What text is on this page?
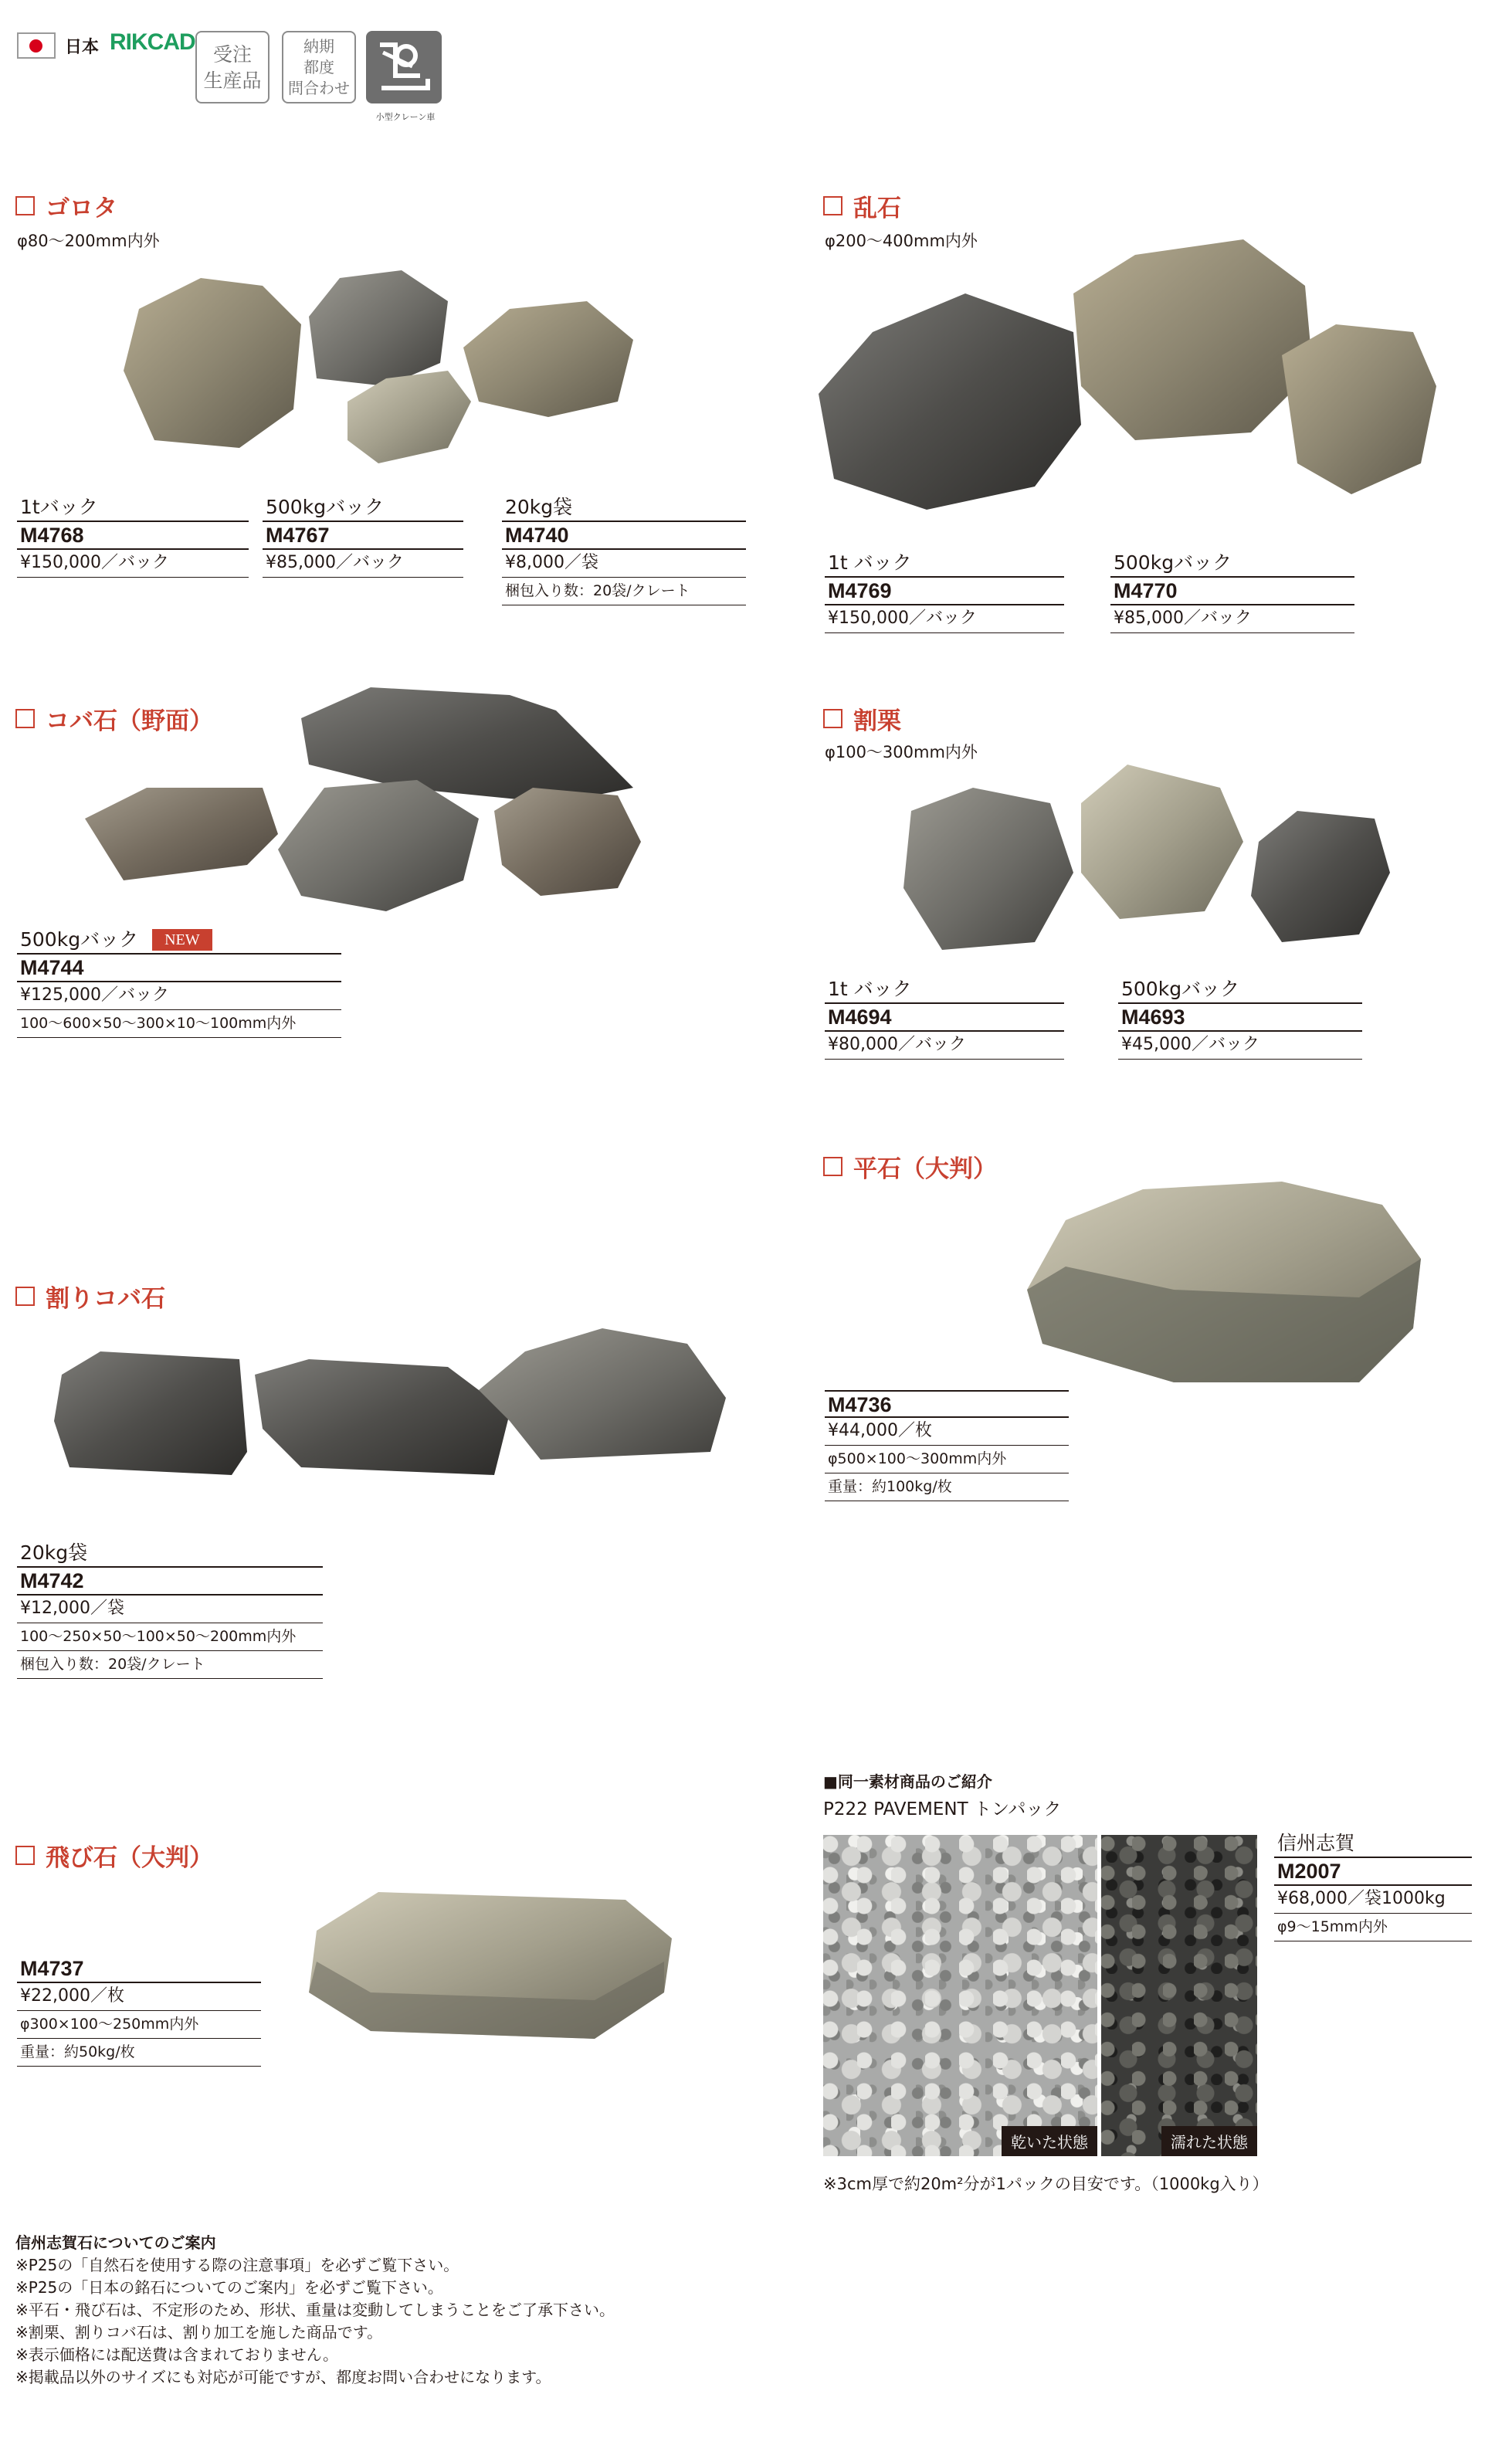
日本 RIKCAD 受注
生産品
納期
都度
問合わせ
小型クレーン車
ゴロタ
φ80～200mm内外
1tバック
M4768
¥150,000／バック
500kgバック
M4767
¥85,000／バック
20kg袋
M4740
¥8,000／袋
梱包入り数：20袋/クレート
乱石
φ200～400mm内外
1t バック
M4769
¥150,000／バック
500kgバック
M4770
¥85,000／バック
コバ石（野面）
500kgバック	NEW
M4744
¥125,000／バック
100～600×50～300×10～100mm内外
割栗
φ100～300mm内外
1t バック
M4694
¥80,000／バック
500kgバック
M4693
¥45,000／バック
平石（大判）
M4736
¥44,000／枚
φ500×100～300mm内外
重量：約100kg/枚
割りコバ石
20kg袋
M4742
¥12,000／袋
100～250×50～100×50～200mm内外
梱包入り数：20袋/クレート
飛び石（大判）
M4737
¥22,000／枚
φ300×100～250mm内外
重量：約50kg/枚
■同一素材商品のご紹介
P222 PAVEMENT トンパック
乾いた状態	濡れた状態
信州志賀
M2007
¥68,000／袋1000kg
φ9～15mm内外
※3cm厚で約20m²分が1パックの目安です。（1000kg入り）
信州志賀石についてのご案内
※P25の「自然石を使用する際の注意事項」を必ずご覧下さい。
※P25の「日本の銘石についてのご案内」を必ずご覧下さい。
※平石・飛び石は、不定形のため、形状、重量は変動してしまうことをご了承下さい。
※割栗、割りコバ石は、割り加工を施した商品です。
※表示価格には配送費は含まれておりません。
※掲載品以外のサイズにも対応が可能ですが、都度お問い合わせになります。
